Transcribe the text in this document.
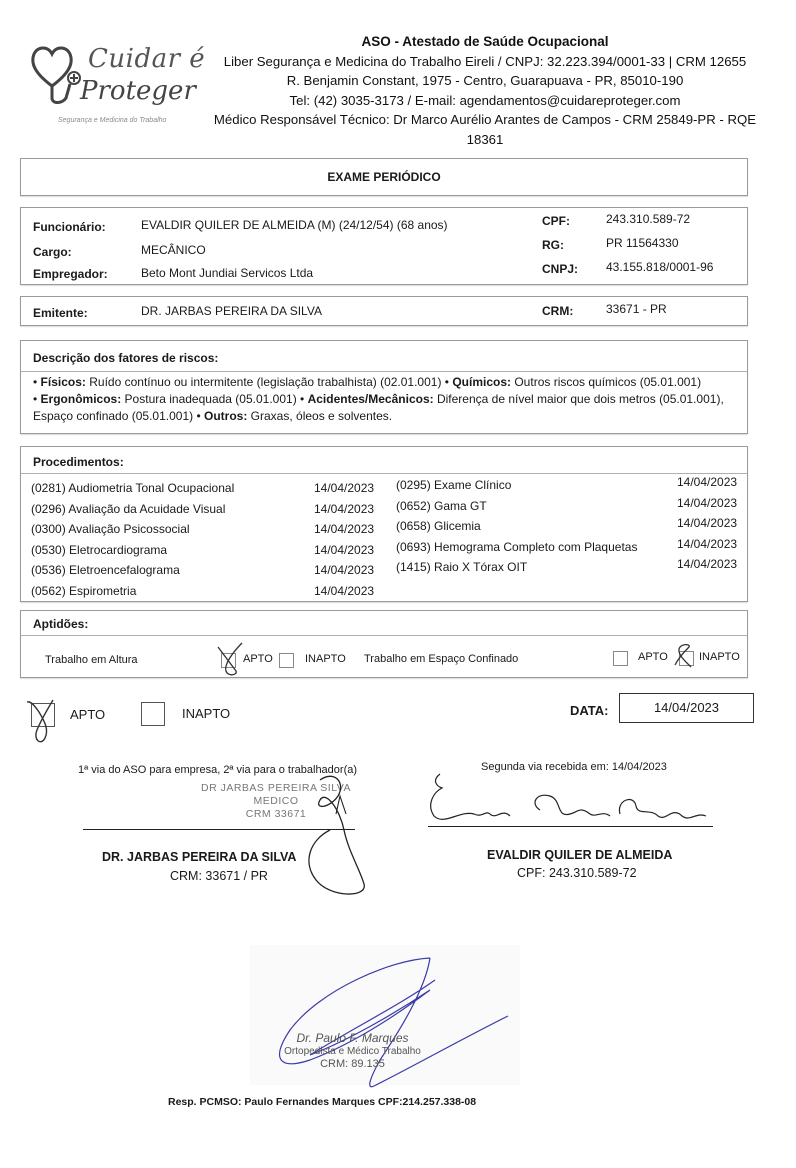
Cuidar é
Proteger
Segurança e Medicina do Trabalho
ASO - Atestado de Saúde Ocupacional
Liber Segurança e Medicina do Trabalho Eireli / CNPJ: 32.223.394/0001-33 | CRM 12655
R. Benjamin Constant, 1975 - Centro, Guarapuava - PR, 85010-190
Tel: (42) 3035-3173 / E-mail: agendamentos@cuidareproteger.com
Médico Responsável Técnico: Dr Marco Aurélio Arantes de Campos - CRM 25849-PR - RQE 18361
EXAME PERIÓDICO
Funcionário:	EVALDIR QUILER DE ALMEIDA (M) (24/12/54) (68 anos)
Cargo:	MECÂNICO
Empregador:	Beto Mont Jundiai Servicos Ltda
CPF:	243.310.589-72
RG:	PR 11564330
CNPJ: 43.155.818/0001-96
Emitente:	DR. JARBAS PEREIRA DA SILVA	CRM:	33671 - PR
Descrição dos fatores de riscos:
• Físicos: Ruído contínuo ou intermitente (legislação trabalhista) (02.01.001) • Químicos: Outros riscos químicos (05.01.001)
• Ergonômicos: Postura inadequada (05.01.001) • Acidentes/Mecânicos: Diferença de nível maior que dois metros (05.01.001), Espaço confinado (05.01.001) • Outros: Graxas, óleos e solventes.
Procedimentos:
(0281) Audiometria Tonal Ocupacional	14/04/2023
(0296) Avaliação da Acuidade Visual	14/04/2023
(0300) Avaliação Psicossocial	14/04/2023
(0530) Eletrocardiograma	14/04/2023
(0536) Eletroencefalograma	14/04/2023
(0562) Espirometria	14/04/2023
(0295) Exame Clínico	14/04/2023
(0652) Gama GT	14/04/2023
(0658) Glicemia	14/04/2023
(0693) Hemograma Completo com Plaquetas	14/04/2023
(1415) Raio X Tórax OIT	14/04/2023
Aptidões:
Trabalho em Altura	APTO	INAPTO Trabalho em Espaço Confinado	APTO	INAPTO
APTO	INAPTO	DATA:	14/04/2023
1ª via do ASO para empresa, 2ª via para o trabalhador(a)
DR JARBAS PEREIRA SILVA
MEDICO
CRM 33671
DR. JARBAS PEREIRA DA SILVA
CRM: 33671 / PR
Segunda via recebida em: 14/04/2023
EVALDIR QUILER DE ALMEIDA
CPF: 243.310.589-72
Dr. Paulo F. Marques
Ortopedista e Médico Trabalho
CRM: 89.135
Resp. PCMSO: Paulo Fernandes Marques CPF:214.257.338-08
